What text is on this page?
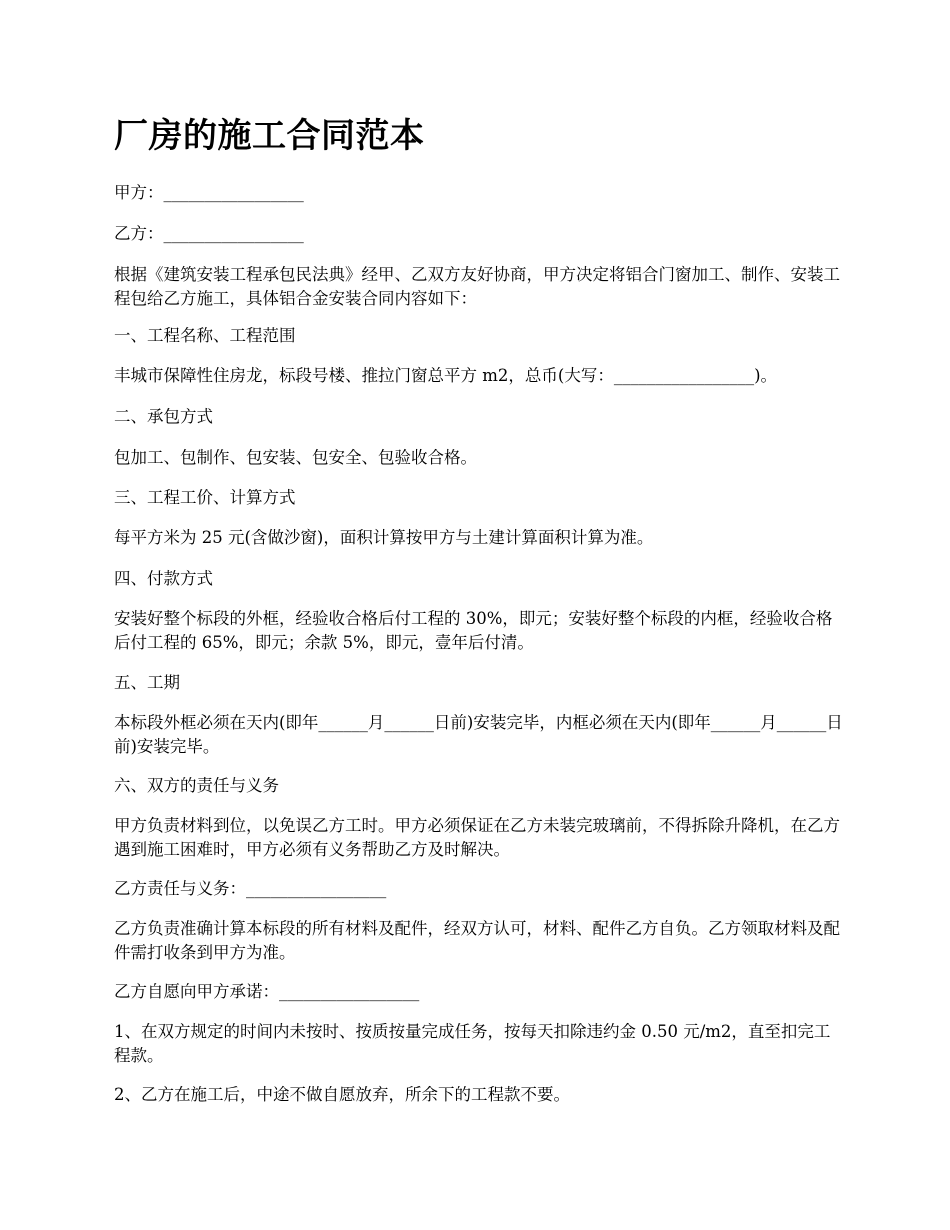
厂房的施工合同范本

甲方：_________________

乙方：_________________

根据《建筑安装工程承包民法典》经甲、乙双方友好协商，甲方决定将铝合门窗加工、制作、安装工程包给乙方施工，具体铝合金安装合同内容如下：

一、工程名称、工程范围

丰城市保障性住房龙，标段号楼、推拉门窗总平方 m2，总币(大写：_________________)。

二、承包方式

包加工、包制作、包安装、包安全、包验收合格。

三、工程工价、计算方式

每平方米为 25 元(含做沙窗)，面积计算按甲方与土建计算面积计算为准。

四、付款方式

安装好整个标段的外框，经验收合格后付工程的 30%，即元；安装好整个标段的内框，经验收合格后付工程的 65%，即元；余款 5%，即元，壹年后付清。

五、工期

本标段外框必须在天内(即年______月______日前)安装完毕，内框必须在天内(即年______月______日前)安装完毕。

六、双方的责任与义务

甲方负责材料到位，以免误乙方工时。甲方必须保证在乙方未装完玻璃前，不得拆除升降机，在乙方遇到施工困难时，甲方必须有义务帮助乙方及时解决。

乙方责任与义务：_________________

乙方负责准确计算本标段的所有材料及配件，经双方认可，材料、配件乙方自负。乙方领取材料及配件需打收条到甲方为准。

乙方自愿向甲方承诺：_________________

1、在双方规定的时间内未按时、按质按量完成任务，按每天扣除违约金 0.50 元/m2，直至扣完工程款。

2、乙方在施工后，中途不做自愿放弃，所余下的工程款不要。
